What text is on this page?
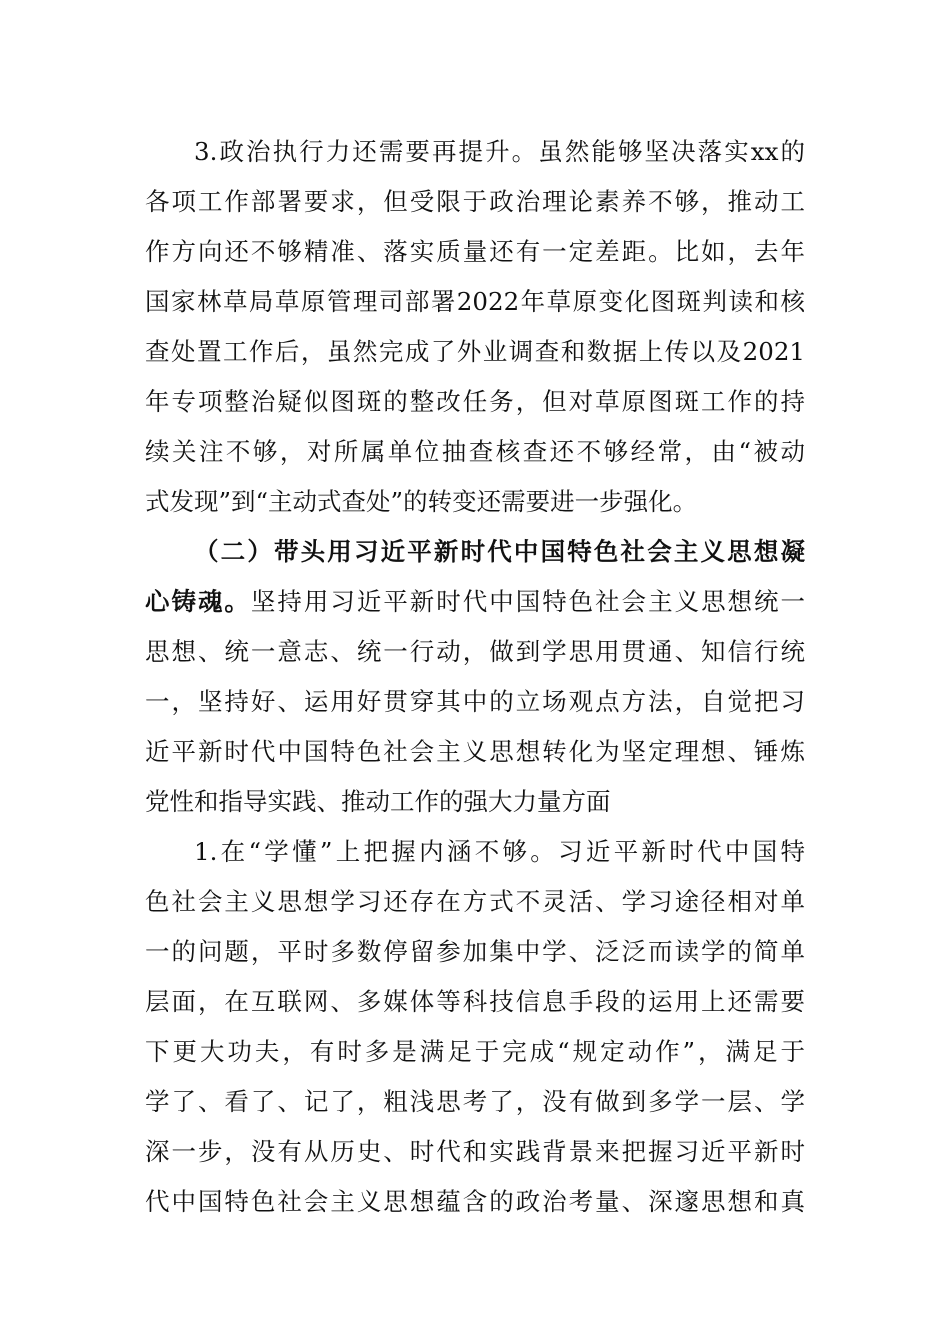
3.政治执行力还需要再提升。虽然能够坚决落实xx的
各项工作部署要求，但受限于政治理论素养不够，推动工
作方向还不够精准、落实质量还有一定差距。比如，去年
国家林草局草原管理司部署2022年草原变化图斑判读和核
查处置工作后，虽然完成了外业调查和数据上传以及2021
年专项整治疑似图斑的整改任务，但对草原图斑工作的持
续关注不够，对所属单位抽查核查还不够经常，由“被动
式发现”到“主动式查处”的转变还需要进一步强化。
（二）带头用习近平新时代中国特色社会主义思想凝
心铸魂。坚持用习近平新时代中国特色社会主义思想统一
思想、统一意志、统一行动，做到学思用贯通、知信行统
一，坚持好、运用好贯穿其中的立场观点方法，自觉把习
近平新时代中国特色社会主义思想转化为坚定理想、锤炼
党性和指导实践、推动工作的强大力量方面
1.在“学懂”上把握内涵不够。习近平新时代中国特
色社会主义思想学习还存在方式不灵活、学习途径相对单
一的问题，平时多数停留参加集中学、泛泛而读学的简单
层面，在互联网、多媒体等科技信息手段的运用上还需要
下更大功夫，有时多是满足于完成“规定动作”，满足于
学了、看了、记了，粗浅思考了，没有做到多学一层、学
深一步，没有从历史、时代和实践背景来把握习近平新时
代中国特色社会主义思想蕴含的政治考量、深邃思想和真
